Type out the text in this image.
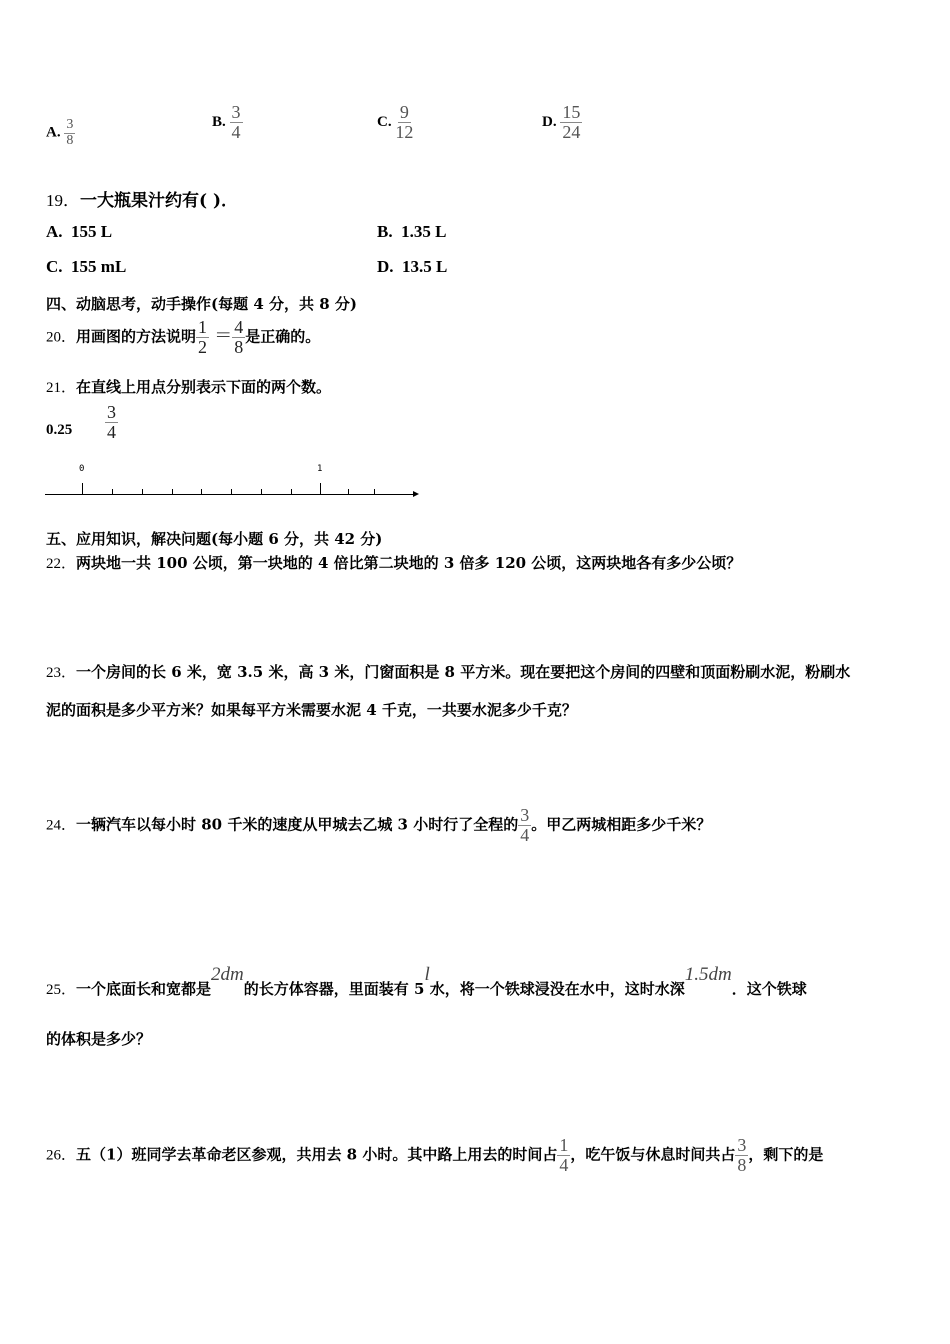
A. $\frac{3}{8}$	B. $\frac{3}{4}$	C. $\frac{9}{12}$	D. $\frac{15}{24}$
19．一大瓶果汁约有( )．
A. 155 L	B. 1.35 L
C. 155 mL	D. 13.5 L
四、动脑思考，动手操作(每题 4 分，共 8 分)
20．用画图的方法说明 $\frac{1}{2} = \frac{4}{8}$ 是正确的。
21．在直线上用点分别表示下面的两个数。
$0.25 \frac{3}{4}$
0	1
五、应用知识，解决问题(每小题 6 分，共 42 分)
22．两块地一共 100 公顷，第一块地的 4 倍比第二块地的 3 倍多 120 公顷，这两块地各有多少公顷？
23．一个房间的长 6 米，宽 3.5 米，高 3 米，门窗面积是 8 平方米。现在要把这个房间的四壁和顶面粉刷水泥，粉刷水
泥的面积是多少平方米？如果每平方米需要水泥 4 千克，一共要水泥多少千克？
24．一辆汽车以每小时 80 千米的速度从甲城去乙城 3 小时行了全程的 $\frac{3}{4}$ 。甲乙两城相距多少千米？
25．一个底面长和宽都是2dm的长方体容器，里面装有 5l水，将一个铁球浸没在水中，这时水深1.5dm．这个铁球
的体积是多少？
26．五（1）班同学去革命老区参观，共用去 8 小时。其中路上用去的时间占 $\frac{1}{4}$ ，吃午饭与休息时间共占 $\frac{3}{8}$ ，剩下的是
